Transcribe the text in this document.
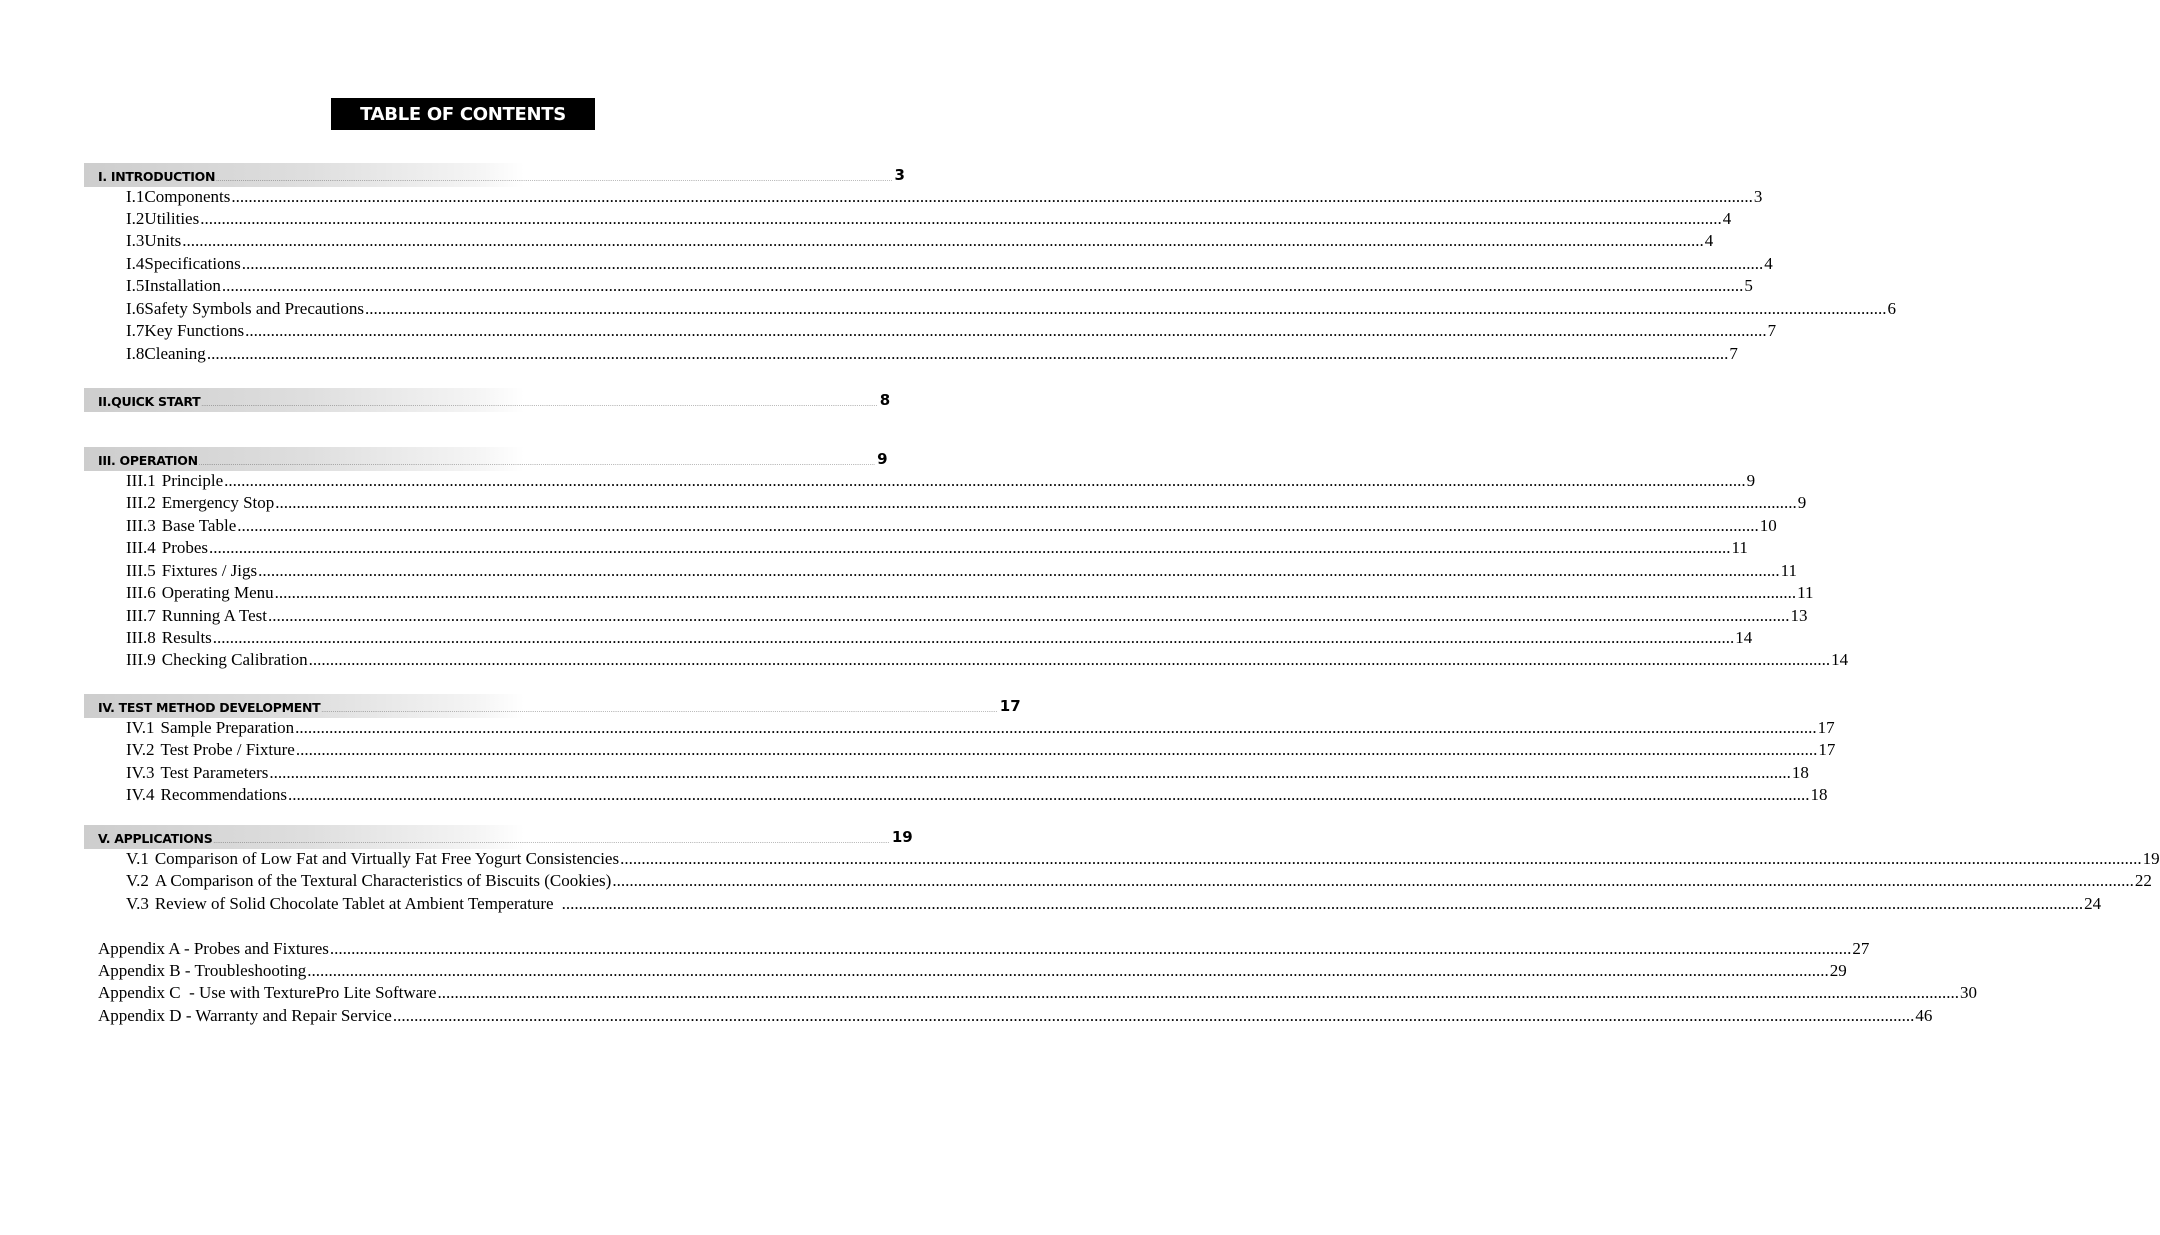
TABLE OF CONTENTS
I. INTRODUCTION ...................................................................................................................................................................................................................................................................................................................................................................... 3
I.1 Components ...................................................................................................................................................................................................................................................................................................................................................................... 3
I.2 Utilities ...................................................................................................................................................................................................................................................................................................................................................................... 4
I.3 Units ...................................................................................................................................................................................................................................................................................................................................................................... 4
I.4 Specifications ...................................................................................................................................................................................................................................................................................................................................................................... 4
I.5 Installation ...................................................................................................................................................................................................................................................................................................................................................................... 5
I.6 Safety Symbols and Precautions ...................................................................................................................................................................................................................................................................................................................................................................... 6
I.7 Key Functions ...................................................................................................................................................................................................................................................................................................................................................................... 7
I.8 Cleaning ...................................................................................................................................................................................................................................................................................................................................................................... 7
II.QUICK START ...................................................................................................................................................................................................................................................................................................................................................................... 8
III. OPERATION ...................................................................................................................................................................................................................................................................................................................................................................... 9
III.1 Principle ...................................................................................................................................................................................................................................................................................................................................................................... 9
III.2 Emergency Stop ...................................................................................................................................................................................................................................................................................................................................................................... 9
III.3 Base Table ...................................................................................................................................................................................................................................................................................................................................................................... 10
III.4 Probes ...................................................................................................................................................................................................................................................................................................................................................................... 11
III.5 Fixtures / Jigs ...................................................................................................................................................................................................................................................................................................................................................................... 11
III.6 Operating Menu ...................................................................................................................................................................................................................................................................................................................................................................... 11
III.7 Running A Test ...................................................................................................................................................................................................................................................................................................................................................................... 13
III.8 Results ...................................................................................................................................................................................................................................................................................................................................................................... 14
III.9 Checking Calibration ...................................................................................................................................................................................................................................................................................................................................................................... 14
IV. TEST METHOD DEVELOPMENT ...................................................................................................................................................................................................................................................................................................................................................................... 17
IV.1 Sample Preparation ...................................................................................................................................................................................................................................................................................................................................................................... 17
IV.2 Test Probe / Fixture ...................................................................................................................................................................................................................................................................................................................................................................... 17
IV.3 Test Parameters ...................................................................................................................................................................................................................................................................................................................................................................... 18
IV.4 Recommendations ...................................................................................................................................................................................................................................................................................................................................................................... 18
V. APPLICATIONS ...................................................................................................................................................................................................................................................................................................................................................................... 19
V.1 Comparison of Low Fat and Virtually Fat Free Yogurt Consistencies ...................................................................................................................................................................................................................................................................................................................................................................... 19
V.2 A Comparison of the Textural Characteristics of Biscuits (Cookies) ...................................................................................................................................................................................................................................................................................................................................................................... 22
V.3 Review of Solid Chocolate Tablet at Ambient Temperature ...................................................................................................................................................................................................................................................................................................................................................................... 24
Appendix A - Probes and Fixtures ...................................................................................................................................................................................................................................................................................................................................................................... 27
Appendix B - Troubleshooting ...................................................................................................................................................................................................................................................................................................................................................................... 29
Appendix C  - Use with TexturePro Lite Software ...................................................................................................................................................................................................................................................................................................................................................................... 30
Appendix D - Warranty and Repair Service ...................................................................................................................................................................................................................................................................................................................................................................... 46
